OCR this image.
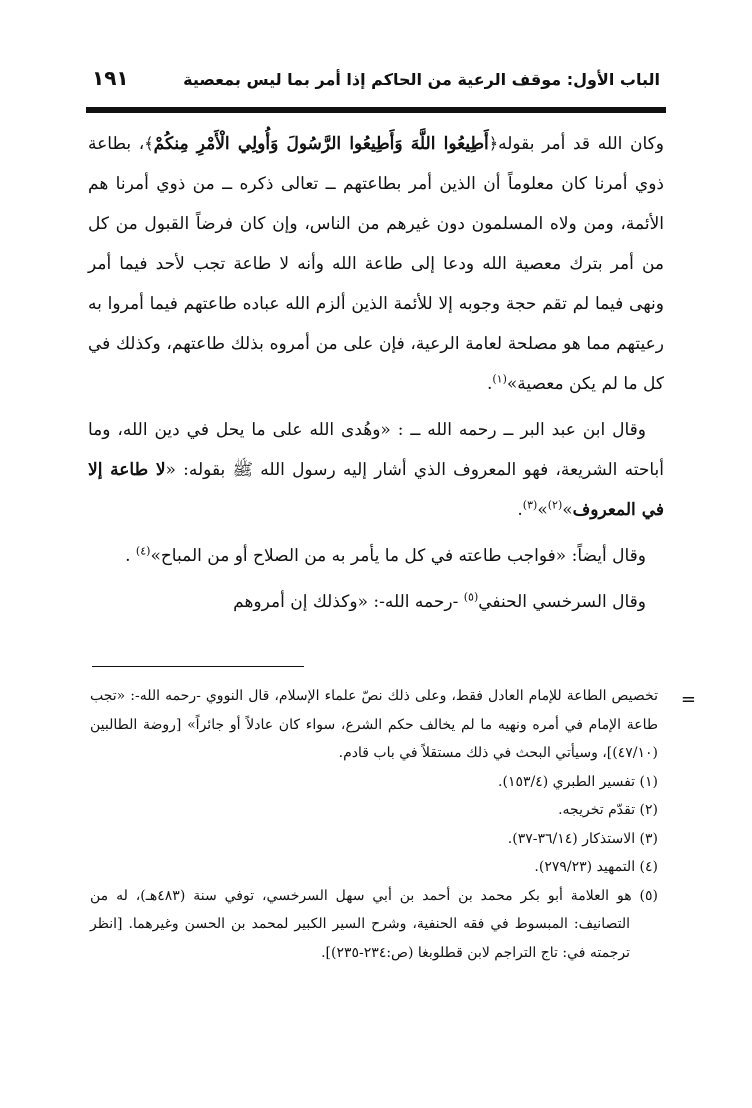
الباب الأول: موقف الرعية من الحاكم إذا أمر بما ليس بمعصية
١٩١

وكان الله قد أمر بقوله﴿أَطِيعُوا اللَّهَ وَأَطِيعُوا الرَّسُولَ وَأُولِي الْأَمْرِ مِنكُمْ﴾، بطاعة ذوي أمرنا كان معلوماً أن الذين أمر بطاعتهم ــ تعالى ذكره ــ من ذوي أمرنا هم الأئمة، ومن ولاه المسلمون دون غيرهم من الناس، وإن كان فرضاً القبول من كل من أمر بترك معصية الله ودعا إلى طاعة الله وأنه لا طاعة تجب لأحد فيما أمر ونهى فيما لم تقم حجة وجوبه إلا للأئمة الذين ألزم الله عباده طاعتهم فيما أمروا به رعيتهم مما هو مصلحة لعامة الرعية، فإن على من أمروه بذلك طاعتهم، وكذلك في كل ما لم يكن معصية»$^{(١)}$.

وقال ابن عبد البر ــ رحمه الله ــ : «وهُدى الله على ما يحل في دين الله، وما أباحته الشريعة، فهو المعروف الذي أشار إليه رسول الله ﷺ بقوله: «لا طاعة إلا في المعروف»$^{(٢)}$»$^{(٣)}$.

وقال أيضاً: «فواجب طاعته في كل ما يأمر به من الصلاح أو من المباح»$^{(٤)}$ .

وقال السرخسي الحنفي$^{(٥)}$ -رحمه الله-: «وكذلك إن أمروهم

=

تخصيص الطاعة للإمام العادل فقط، وعلى ذلك نصّ علماء الإسلام، قال النووي -رحمه الله-: «تجب طاعة الإمام في أمره ونهيه ما لم يخالف حكم الشرع، سواء كان عادلاً أو جائراً» [روضة الطالبين (٤٧/١٠)]، وسيأتي البحث في ذلك مستقلاً في باب قادم.

(١) تفسير الطبري (١٥٣/٤).

(٢) تقدّم تخريجه.

(٣) الاستذكار (٣٦/١٤-٣٧).

(٤) التمهيد (٢٧٩/٢٣).

(٥) هو العلامة أبو بكر محمد بن أحمد بن أبي سهل السرخسي، توفي سنة (٤٨٣هـ)، له من التصانيف: المبسوط في فقه الحنفية، وشرح السير الكبير لمحمد بن الحسن وغيرهما. [انظر ترجمته في: تاج التراجم لابن قطلوبغا (ص:٢٣٤-٢٣٥)].
